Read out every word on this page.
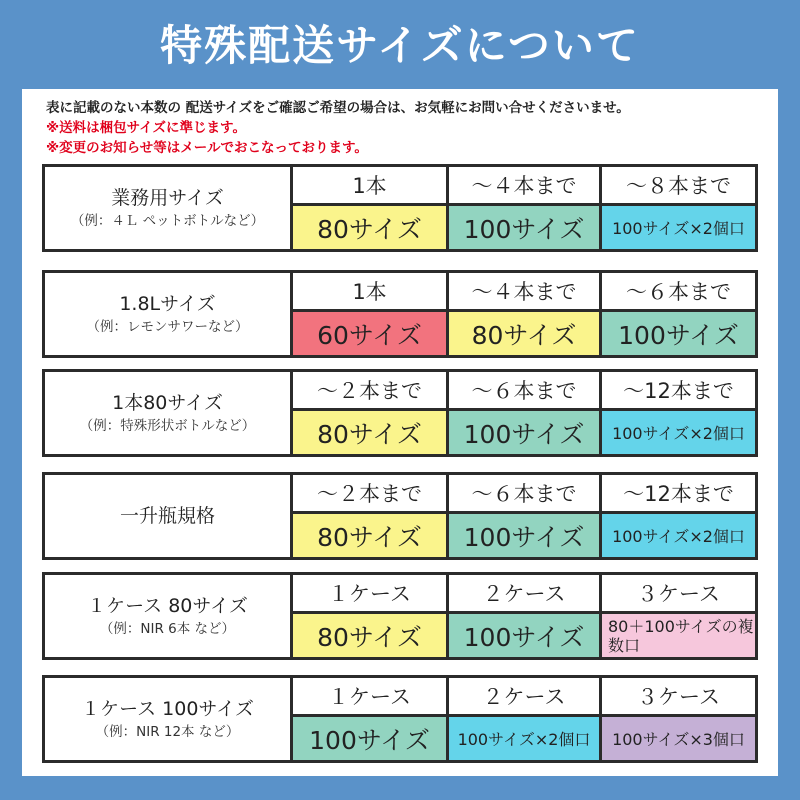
特殊配送サイズについて
表に記載のない本数の 配送サイズをご確認ご希望の場合は、お気軽にお問い合せくださいませ。
※送料は梱包サイズに準じます。
※変更のお知らせ等はメールでおこなっております。
業務用サイズ
（例：４Ｌ ペットボトルなど）
1本	〜４本まで	〜８本まで
80サイズ	100サイズ	100サイズ×2個口
1.8Lサイズ
（例：レモンサワーなど）
1本	〜４本まで	〜６本まで
60サイズ	80サイズ	100サイズ
1本80サイズ
（例：特殊形状ボトルなど）
〜２本まで	〜６本まで	〜12本まで
80サイズ	100サイズ	100サイズ×2個口
一升瓶規格
〜２本まで	〜６本まで	〜12本まで
80サイズ	100サイズ	100サイズ×2個口
１ケース 80サイズ
（例：NIR 6本 など）
１ケース	２ケース	３ケース
80サイズ	100サイズ	80＋100サイズの複数口
１ケース 100サイズ
（例：NIR 12本 など）
１ケース	２ケース	３ケース
100サイズ	100サイズ×2個口	100サイズ×3個口
